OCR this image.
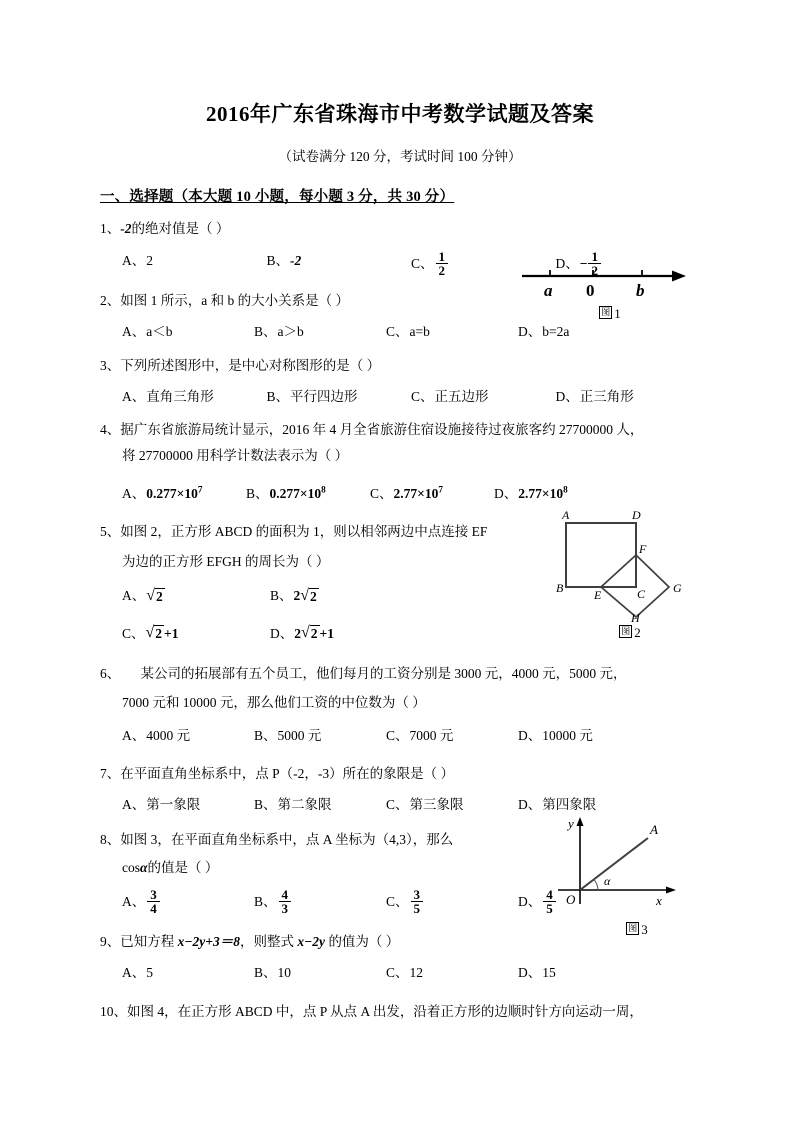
2016年广东省珠海市中考数学试题及答案
（试卷满分 120 分，考试时间 100 分钟）
一、选择题（本大题 10 小题，每小题 3 分，共 30 分）
1、-2的绝对值是（ ）
A、 2	B、 -2	C、 $\frac{1}{2}$	D、 − $\frac{1}{2}$
2、如图 1 所示，a 和 b 的大小关系是（ ）
A、 a＜b	B、 a＞b	C、 a=b	D、 b=2a
3、下列所述图形中，是中心对称图形的是（ ）
A、 直角三角形	B、 平行四边形	C、 正五边形	D、 正三角形
4、据广东省旅游局统计显示，2016 年 4 月全省旅游住宿设施接待过夜旅客约 27700000 人，
将 27700000 用科学计数法表示为（ ）
A、 $0.277\times 10^7$	B、 $0.277\times 10^8$	C、 $2.77\times 10^7$	D、 $2.77\times 10^8$
5、如图 2，正方形 ABCD 的面积为 1，则以相邻两边中点连接 EF
为边的正方形 EFGH 的周长为（ ）
A、 √ 2	B、 2 √ 2
C、 √ 2 +1	D、 2 √ 2 +1
6、　　某公司的拓展部有五个员工，他们每月的工资分别是 3000 元，4000 元，5000 元，
7000 元和 10000 元，那么他们工资的中位数为（ ）
A、 4000 元	B、 5000 元	C、 7000 元	D、 10000 元
7、在平面直角坐标系中，点 P（-2，-3）所在的象限是（ ）
A、 第一象限	B、 第二象限	C、 第三象限	D、 第四象限
8、如图 3，在平面直角坐标系中，点 A 坐标为（4,3），那么
cosα的值是（ ）
A、 $\frac{3}{4}$	B、 $\frac{4}{3}$	C、 $\frac{3}{5}$	D、 $\frac{4}{5}$
9、已知方程 x−2y+3＝8，则整式 x−2y 的值为（ ）
A、 5	B、 10	C、 12	D、 15
10、如图 4，在正方形 ABCD 中，点 P 从点 A 出发，沿着正方形的边顺时针方向运动一周，
a 0 b
图 1
A	D
B	C
E
F
G
H
图 2
y
x
O
A
α
图 3
